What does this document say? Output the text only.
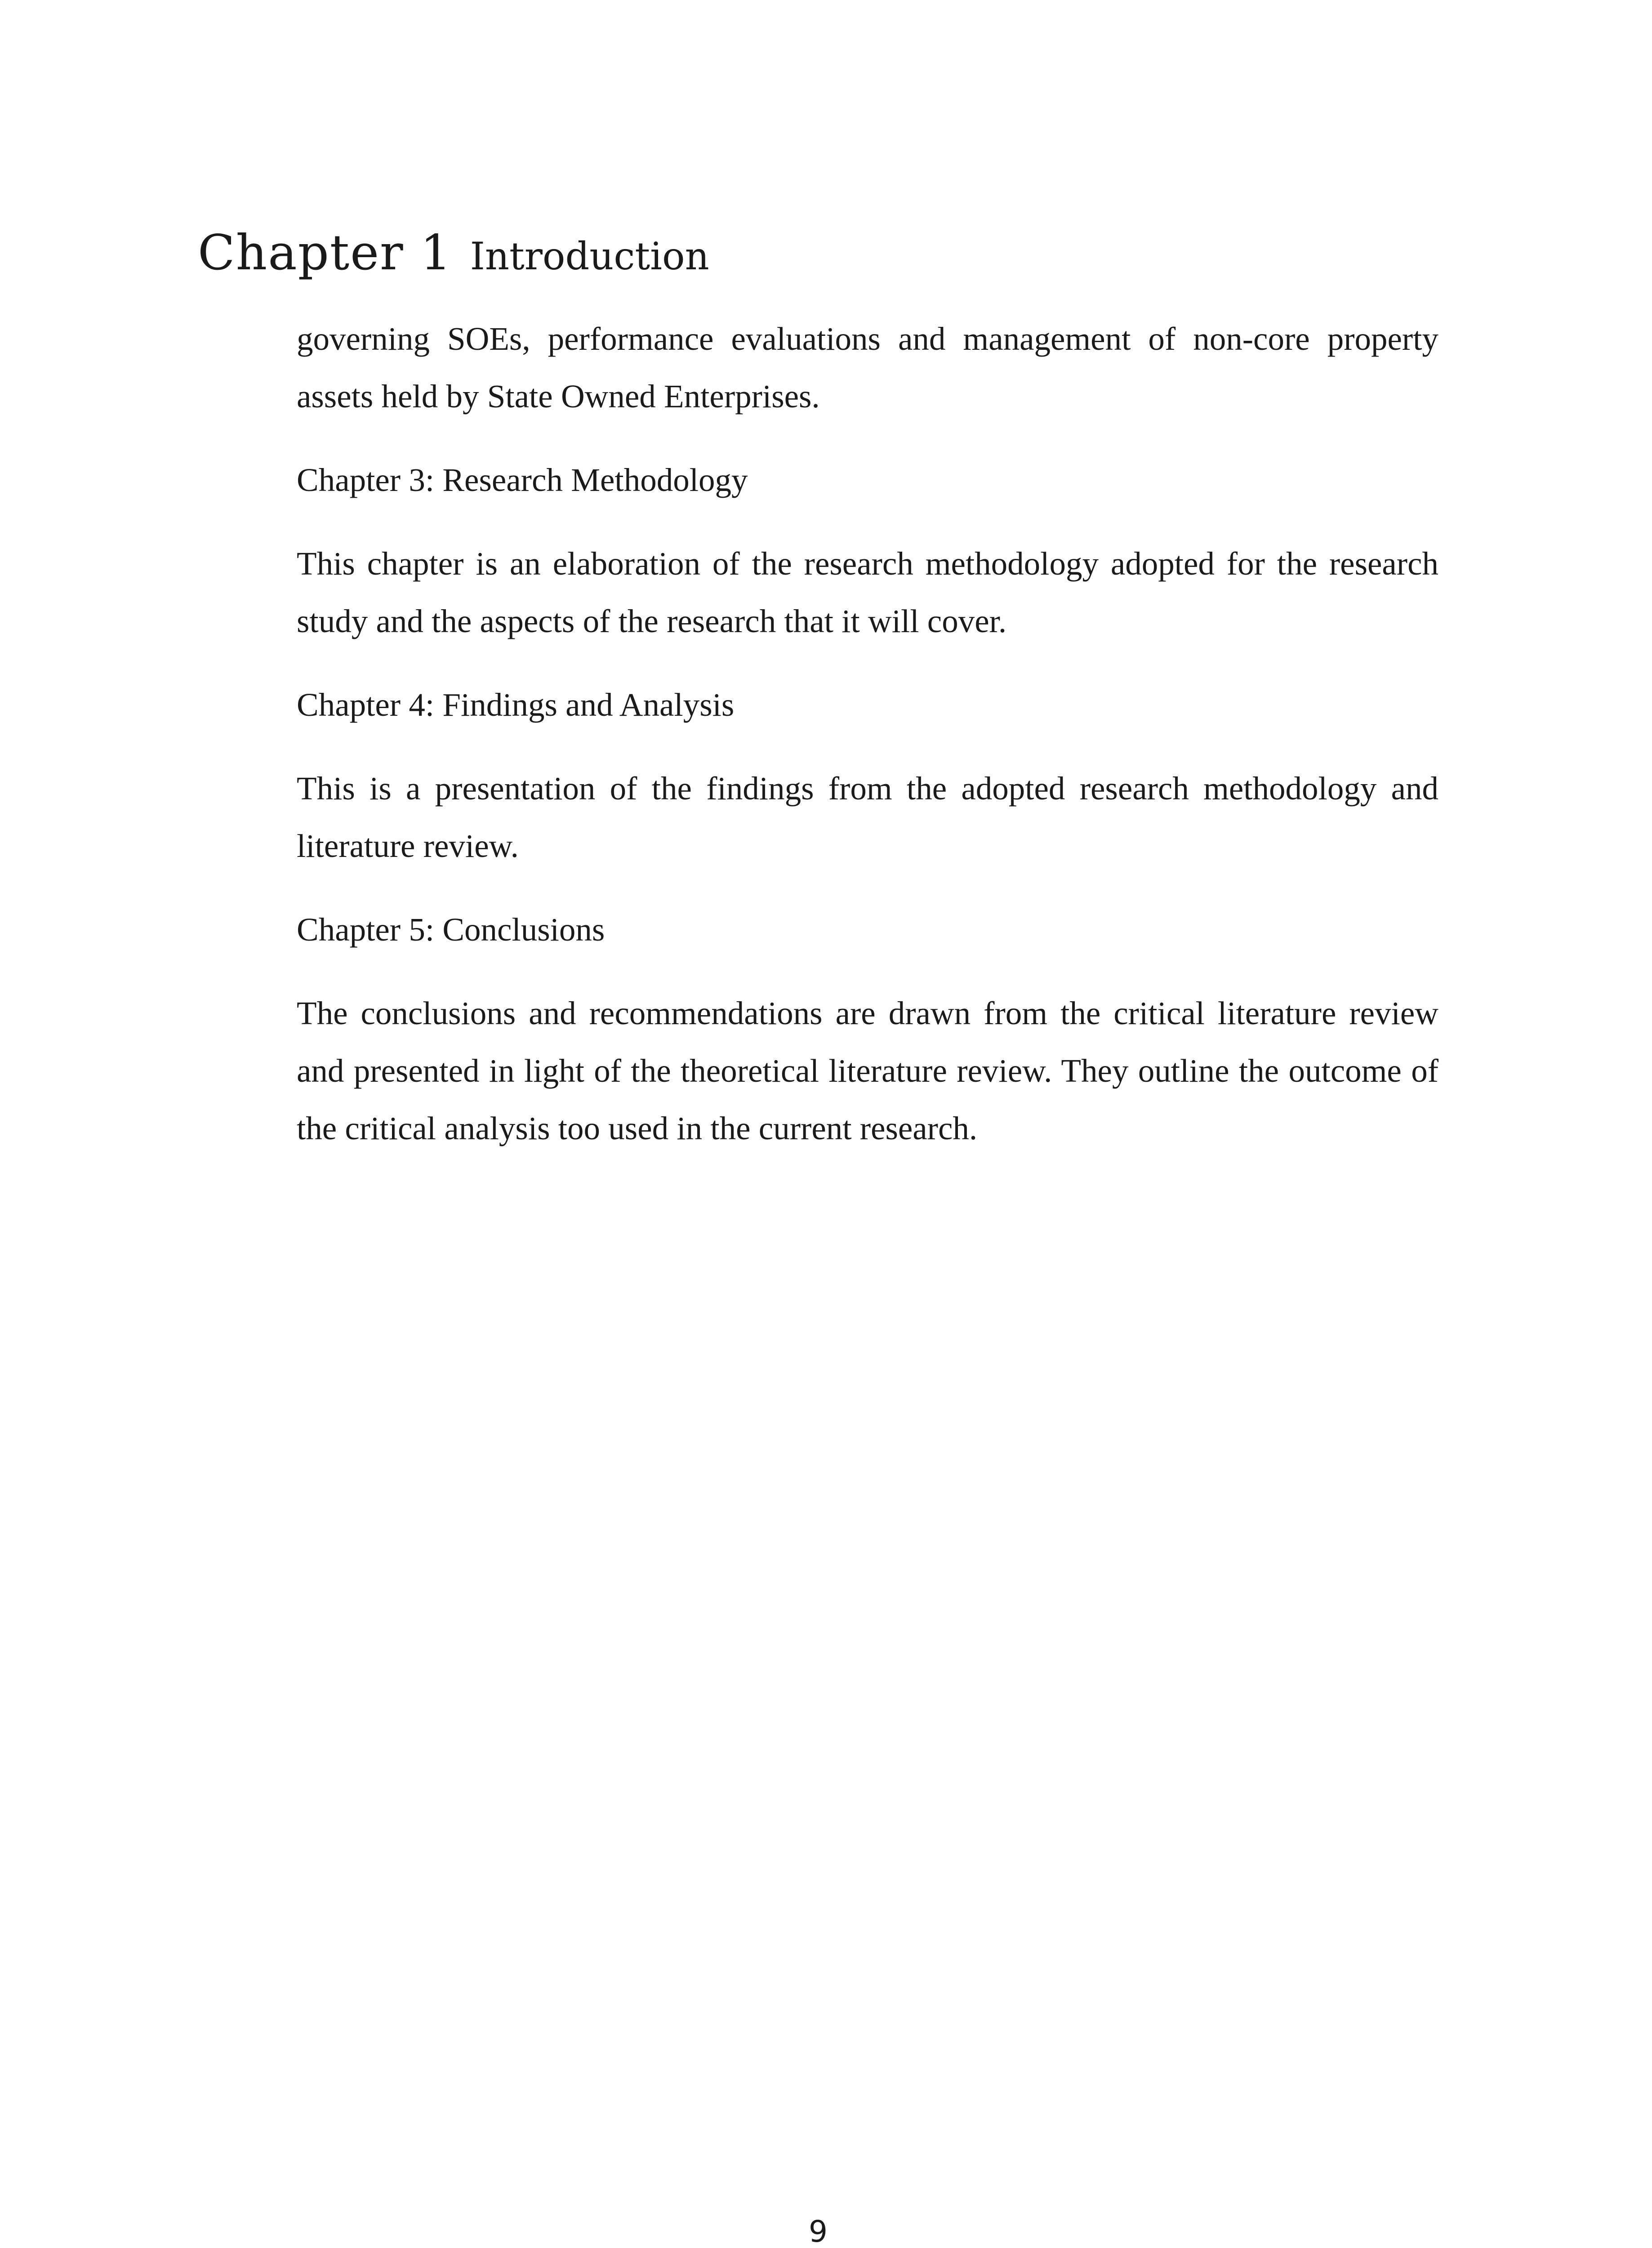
Chapter 1 Introduction

governing SOEs, performance evaluations and management of non-core property assets held by State Owned Enterprises.

Chapter 3: Research Methodology

This chapter is an elaboration of the research methodology adopted for the research study and the aspects of the research that it will cover.

Chapter 4: Findings and Analysis

This is a presentation of the findings from the adopted research methodology and literature review.

Chapter 5: Conclusions

The conclusions and recommendations are drawn from the critical literature review and presented in light of the theoretical literature review. They outline the outcome of the critical analysis too used in the current research.

9
